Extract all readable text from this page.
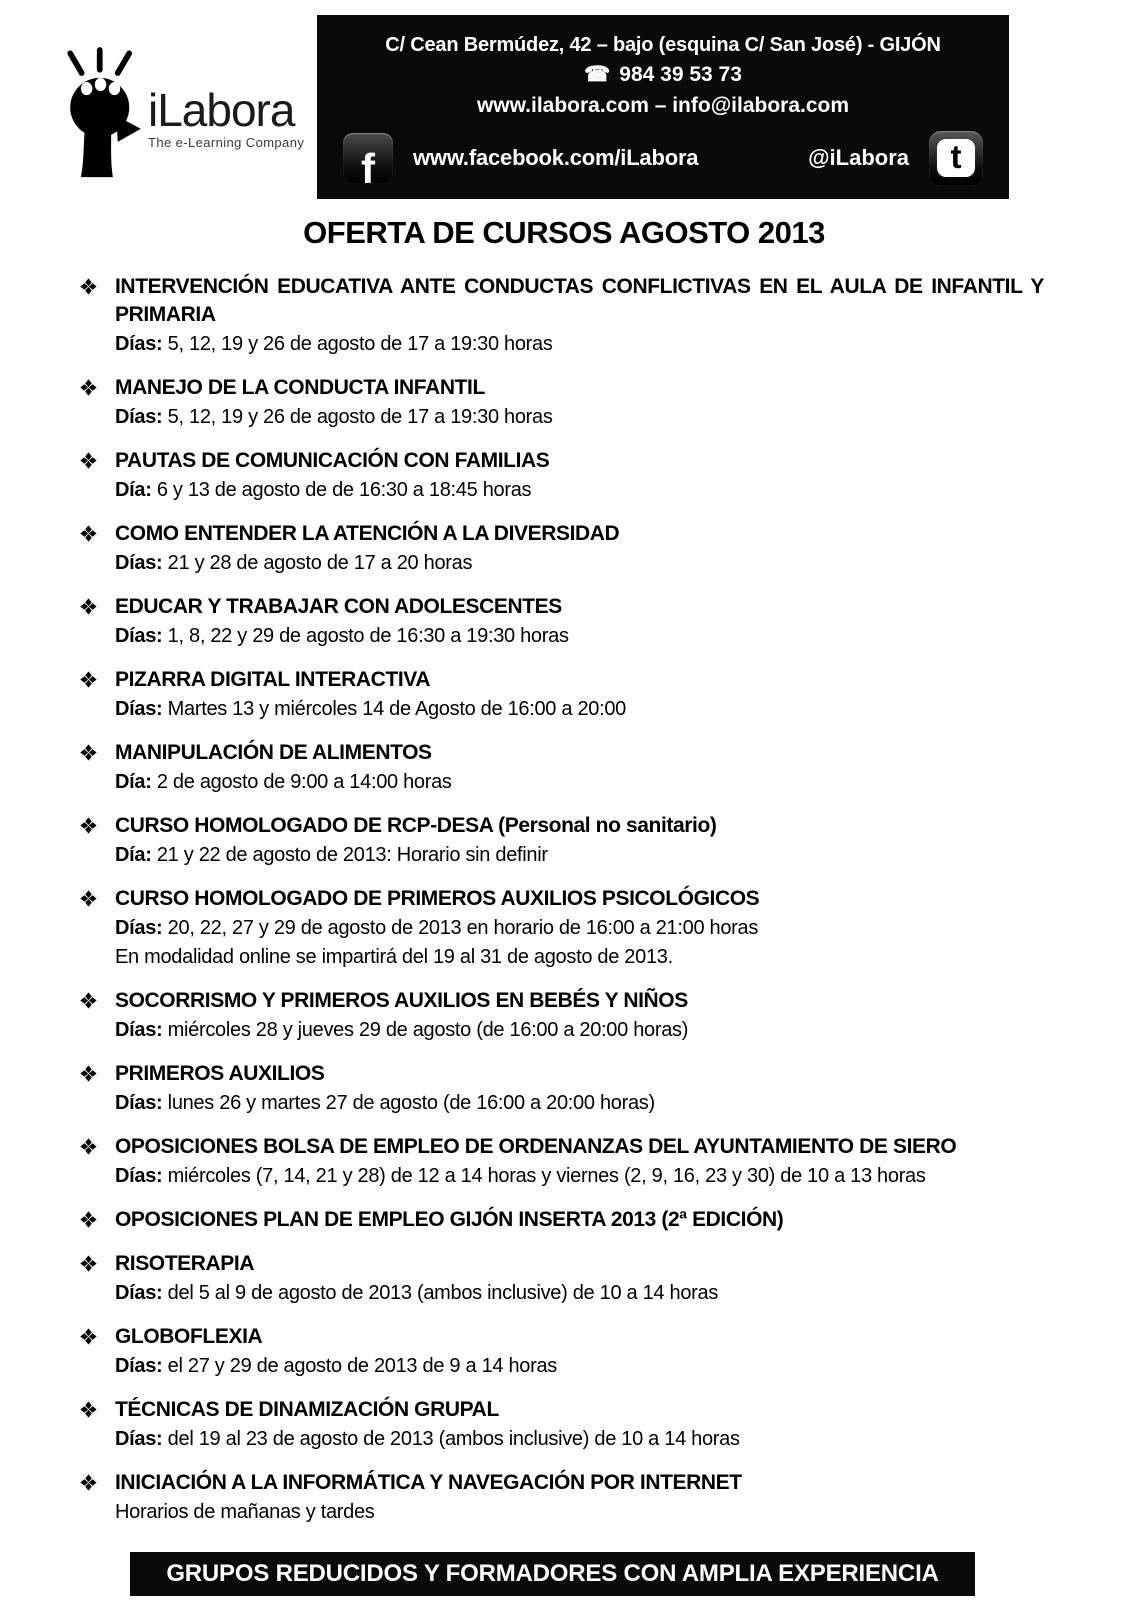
iLabora
The e-Learning Company
C/ Cean Bermúdez, 42 – bajo (esquina C/ San José) - GIJÓN
☎ 984 39 53 73
www.ilabora.com – info@ilabora.com
f www.facebook.com/iLabora	@iLabora	t
OFERTA DE CURSOS AGOSTO 2013
INTERVENCIÓN EDUCATIVA ANTE CONDUCTAS CONFLICTIVAS EN EL AULA DE INFANTIL Y PRIMARIA

Días: 5, 12, 19 y 26 de agosto de 17 a 19:30 horas

MANEJO DE LA CONDUCTA INFANTIL

Días: 5, 12, 19 y 26 de agosto de 17 a 19:30 horas

PAUTAS DE COMUNICACIÓN CON FAMILIAS

Día: 6 y 13 de agosto de de 16:30 a 18:45 horas

COMO ENTENDER LA ATENCIÓN A LA DIVERSIDAD

Días: 21 y 28 de agosto de 17 a 20 horas

EDUCAR Y TRABAJAR CON ADOLESCENTES

Días: 1, 8, 22 y 29 de agosto de 16:30 a 19:30 horas

PIZARRA DIGITAL INTERACTIVA

Días: Martes 13 y miércoles 14 de Agosto de 16:00 a 20:00

MANIPULACIÓN DE ALIMENTOS

Día: 2 de agosto de 9:00 a 14:00 horas

CURSO HOMOLOGADO DE RCP-DESA (Personal no sanitario)

Día: 21 y 22 de agosto de 2013: Horario sin definir

CURSO HOMOLOGADO DE PRIMEROS AUXILIOS PSICOLÓGICOS

Días: 20, 22, 27 y 29 de agosto de 2013 en horario de 16:00 a 21:00 horas

En modalidad online se impartirá del 19 al 31 de agosto de 2013.

SOCORRISMO Y PRIMEROS AUXILIOS EN BEBÉS Y NIÑOS

Días: miércoles 28 y jueves 29 de agosto (de 16:00 a 20:00 horas)

PRIMEROS AUXILIOS

Días: lunes 26 y martes 27 de agosto (de 16:00 a 20:00 horas)

OPOSICIONES BOLSA DE EMPLEO DE ORDENANZAS DEL AYUNTAMIENTO DE SIERO

Días: miércoles (7, 14, 21 y 28) de 12 a 14 horas y viernes (2, 9, 16, 23 y 30) de 10 a 13 horas

OPOSICIONES PLAN DE EMPLEO GIJÓN INSERTA 2013 (2ª EDICIÓN)
RISOTERAPIA

Días: del 5 al 9 de agosto de 2013 (ambos inclusive) de 10 a 14 horas

GLOBOFLEXIA

Días: el 27 y 29 de agosto de 2013 de 9 a 14 horas

TÉCNICAS DE DINAMIZACIÓN GRUPAL

Días: del 19 al 23 de agosto de 2013 (ambos inclusive) de 10 a 14 horas

INICIACIÓN A LA INFORMÁTICA Y NAVEGACIÓN POR INTERNET

Horarios de mañanas y tardes

GRUPOS REDUCIDOS Y FORMADORES CON AMPLIA EXPERIENCIA
